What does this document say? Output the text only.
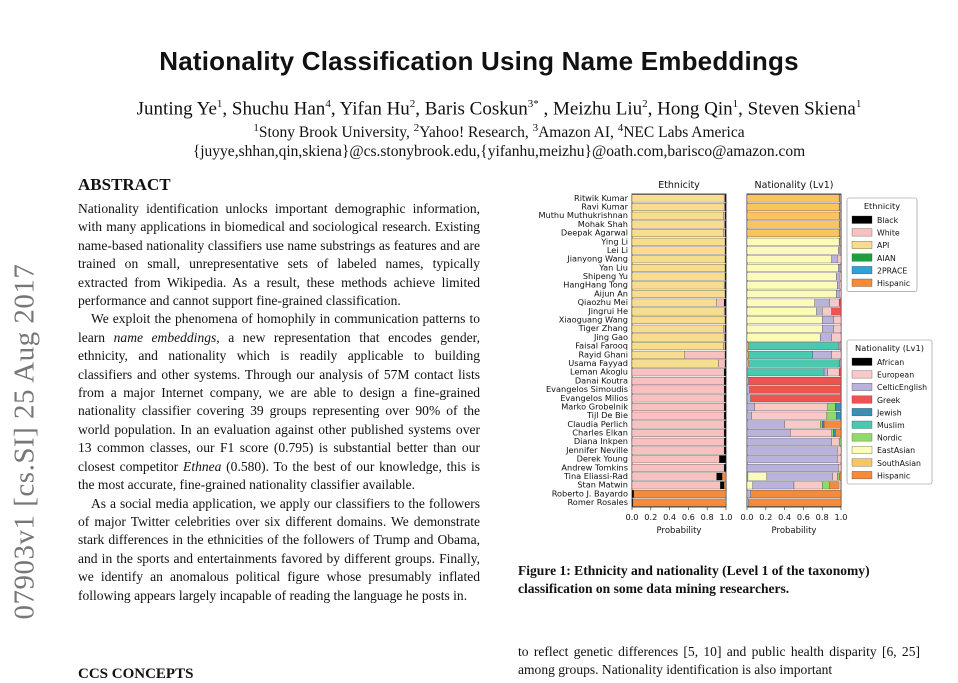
07903v1 [cs.SI] 25 Aug 2017
Nationality Classification Using Name Embeddings
Junting Ye$^1$, Shuchu Han$^4$, Yifan Hu$^2$, Baris Coskun$^{3*}$ , Meizhu Liu$^2$, Hong Qin$^1$, Steven Skiena$^1$
$^1$Stony Brook University, $^2$Yahoo! Research, $^3$Amazon AI, $^4$NEC Labs America
{juyye,shhan,qin,skiena}@cs.stonybrook.edu,{yifanhu,meizhu}@oath.com,barisco@amazon.com
ABSTRACT

Nationality identification unlocks important demographic information, with many applications in biomedical and sociological research. Existing name-based nationality classifiers use name substrings as features and are trained on small, unrepresentative sets of labeled names, typically extracted from Wikipedia. As a result, these methods achieve limited performance and cannot support fine-grained classification.

We exploit the phenomena of homophily in communication patterns to learn name embeddings, a new representation that encodes gender, ethnicity, and nationality which is readily applicable to building classifiers and other systems. Through our analysis of 57M contact lists from a major Internet company, we are able to design a fine-grained nationality classifier covering 39 groups representing over 90% of the world population. In an evaluation against other published systems over 13 common classes, our F1 score (0.795) is substantial better than our closest competitor Ethnea (0.580). To the best of our knowledge, this is the most accurate, fine-grained nationality classifier available.

As a social media application, we apply our classifiers to the followers of major Twitter celebrities over six different domains. We demonstrate stark differences in the ethnicities of the followers of Trump and Obama, and in the sports and entertainments favored by different groups. Finally, we identify an anomalous political figure whose presumably inflated following appears largely incapable of reading the language he posts in.

CCS CONCEPTS
Ethnicity
Ritwik Kumar
Ravi Kumar
Muthu Muthukrishnan
Mohak Shah
Deepak Agarwal
Ying Li
Lei Li
Jianyong Wang
Yan Liu
Shipeng Yu
HangHang Tong
Aijun An
Qiaozhu Mei
Jingrui He
Xiaoguang Wang
Tiger Zhang
Jing Gao
Faisal Farooq
Rayid Ghani
Usama Fayyad
Leman Akoglu
Danai Koutra
Evangelos Simoudis
Evangelos Milios
Marko Grobelnik
Tijl De Bie
Claudia Perlich
Charles Elkan
Diana Inkpen
Jennifer Neville
Derek Young
Andrew Tomkins
Tina Eliassi-Rad
Stan Matwin
Roberto J. Bayardo
Romer Rosales
0.0 0.2 0.4 0.6 0.8 1.0
Probability
Nationality (Lv1)
0.0 0.2 0.4 0.6 0.8 1.0
Probability
Ethnicity
Black
White
API
AIAN
2PRACE
Hispanic
Nationality (Lv1)
African
European
CelticEnglish
Greek
Jewish
Muslim
Nordic
EastAsian
SouthAsian
Hispanic
Figure 1: Ethnicity and nationality (Level 1 of the taxonomy) classification on some data mining researchers.

to reflect genetic differences [5, 10] and public health disparity [6, 25] among groups. Nationality identification is also important
